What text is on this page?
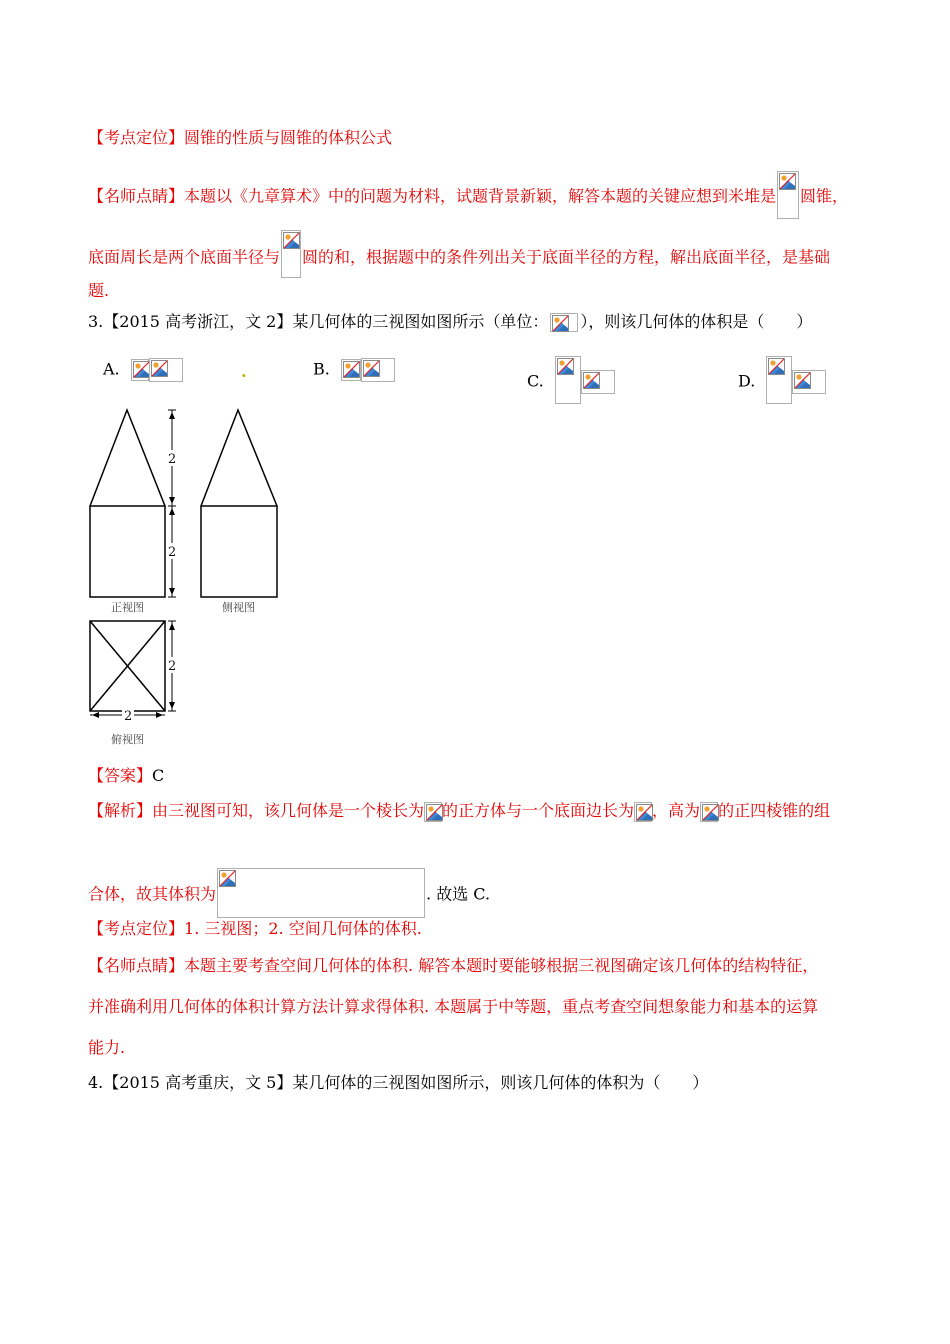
【考点定位】圆锥的性质与圆锥的体积公式
【名师点睛】本题以《九章算术》中的问题为材料，试题背景新颖，解答本题的关键应想到米堆是 圆锥，
底面周长是两个底面半径与 圆的和，根据题中的条件列出关于底面半径的方程，解出底面半径，是基础
题.
3.【2015 高考浙江，文 2】某几何体的三视图如图所示（单位： ），则该几何体的体积是（　　）
A.	.	B.
C.	D.
2
2
2
2
正视图	侧视图
俯视图
【答案】C
【解析】由三视图可知，该几何体是一个棱长为 的正方体与一个底面边长为 ，高为 的正四棱锥的组
合体，故其体积为	. 故选 C.
【考点定位】1. 三视图；2. 空间几何体的体积.
【名师点睛】本题主要考查空间几何体的体积. 解答本题时要能够根据三视图确定该几何体的结构特征，
并准确利用几何体的体积计算方法计算求得体积. 本题属于中等题，重点考查空间想象能力和基本的运算
能力.
4.【2015 高考重庆，文 5】某几何体的三视图如图所示，则该几何体的体积为（　　）
